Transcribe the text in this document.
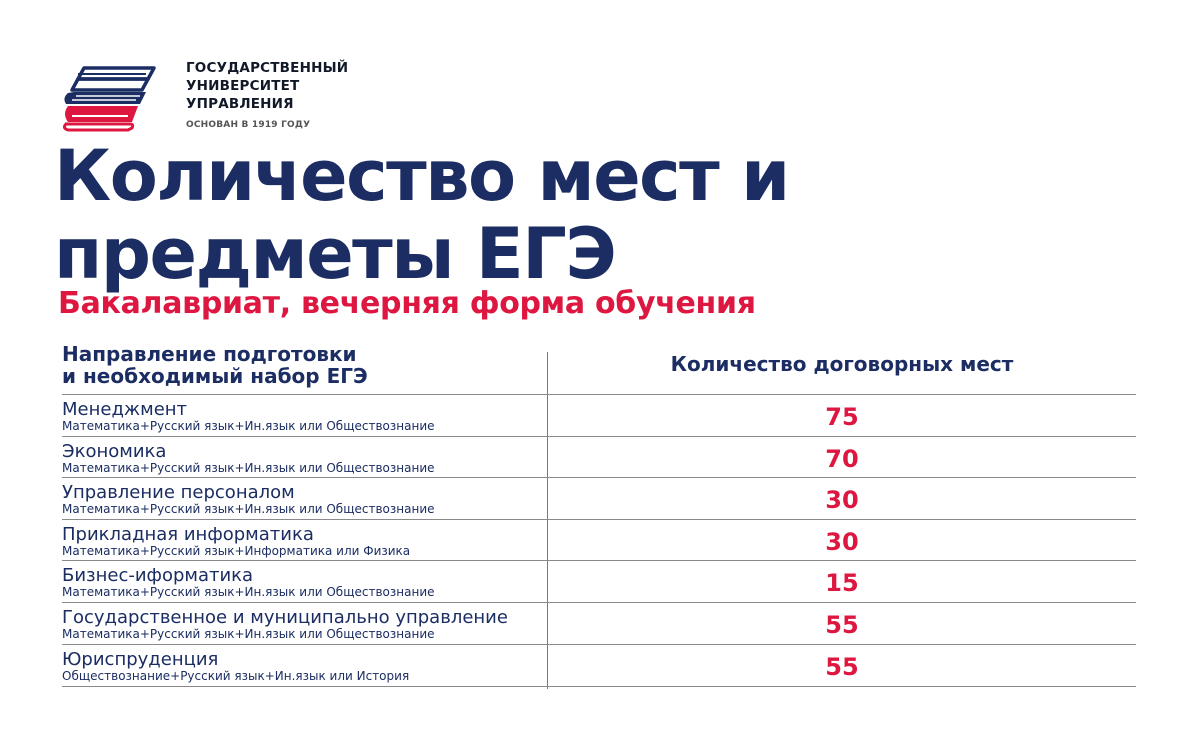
ГОСУДАРСТВЕННЫЙ
УНИВЕРСИТЕТ
УПРАВЛЕНИЯ
ОСНОВАН В 1919 ГОДУ
Количество мест и
предметы ЕГЭ
Бакалавриат, вечерняя форма обучения
Направление подготовки
и необходимый набор ЕГЭ	Количество договорных мест
Менеджмент
Математика+Русский язык+Ин.язык или Обществознание	75
Экономика
Математика+Русский язык+Ин.язык или Обществознание	70
Управление персоналом
Математика+Русский язык+Ин.язык или Обществознание	30
Прикладная информатика
Математика+Русский язык+Информатика или Физика	30
Бизнес-иформатика
Математика+Русский язык+Ин.язык или Обществознание	15
Государственное и муниципально управление
Математика+Русский язык+Ин.язык или Обществознание	55
Юриспруденция
Обществознание+Русский язык+Ин.язык или История	55
